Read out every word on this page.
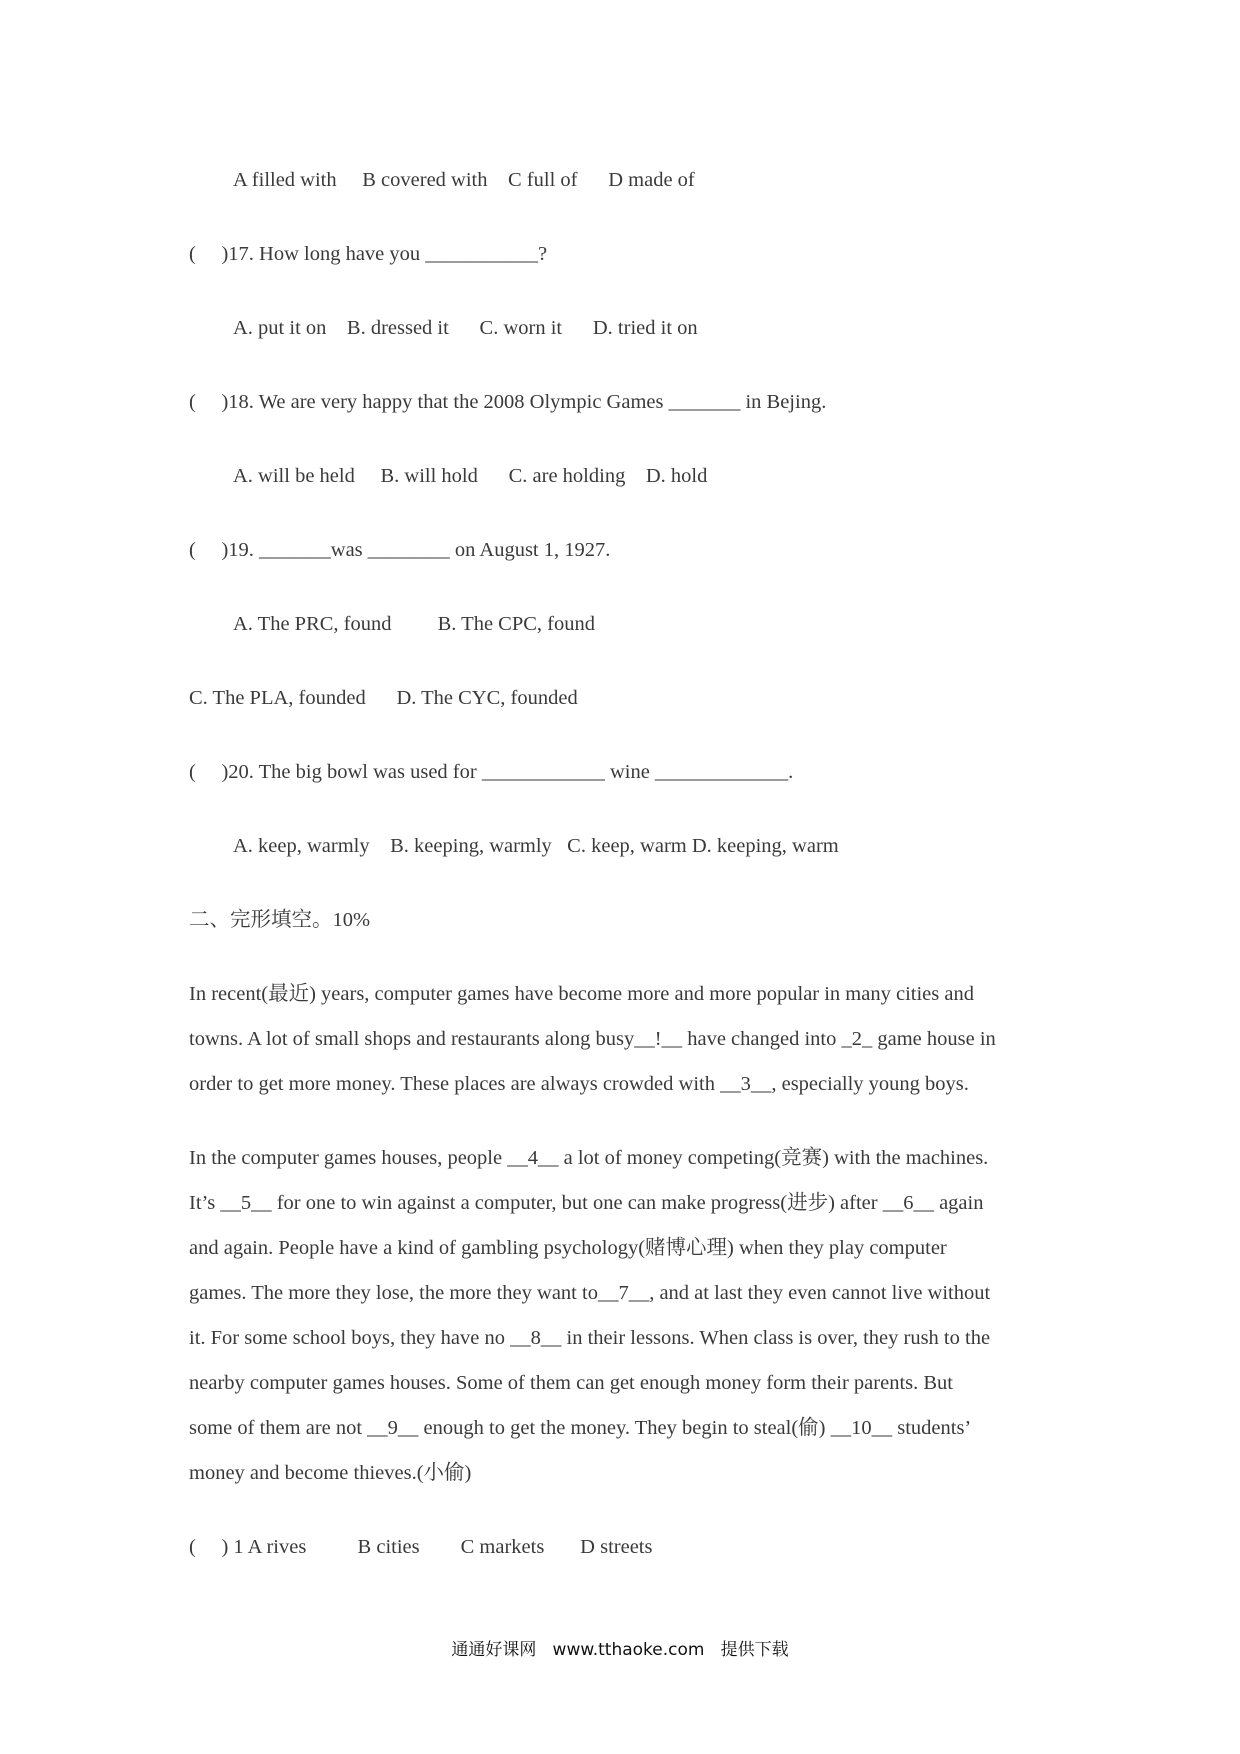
A filled with     B covered with    C full of      D made of
(     )17. How long have you ___________?
A. put it on    B. dressed it      C. worn it      D. tried it on
(     )18. We are very happy that the 2008 Olympic Games _______ in Bejing.
A. will be held     B. will hold      C. are holding    D. hold
(     )19. _______was ________ on August 1, 1927.
A. The PRC, found         B. The CPC, found
C. The PLA, founded      D. The CYC, founded
(     )20. The big bowl was used for ____________ wine _____________.
A. keep, warmly    B. keeping, warmly   C. keep, warm D. keeping, warm
二、完形填空。10%
In recent(最近) years, computer games have become more and more popular in many cities and
towns. A lot of small shops and restaurants along busy__!__ have changed into _2_ game house in
order to get more money. These places are always crowded with __3__, especially young boys.
In the computer games houses, people __4__ a lot of money competing(竞赛) with the machines.
It’s __5__ for one to win against a computer, but one can make progress(进步) after __6__ again
and again. People have a kind of gambling psychology(赌博心理) when they play computer
games. The more they lose, the more they want to__7__, and at last they even cannot live without
it. For some school boys, they have no __8__ in their lessons. When class is over, they rush to the
nearby computer games houses. Some of them can get enough money form their parents. But
some of them are not __9__ enough to get the money. They begin to steal(偷) __10__ students’
money and become thieves.(小偷)
(     ) 1 A rives          B cities        C markets       D streets
通通好课网   www.tthaoke.com   提供下载
